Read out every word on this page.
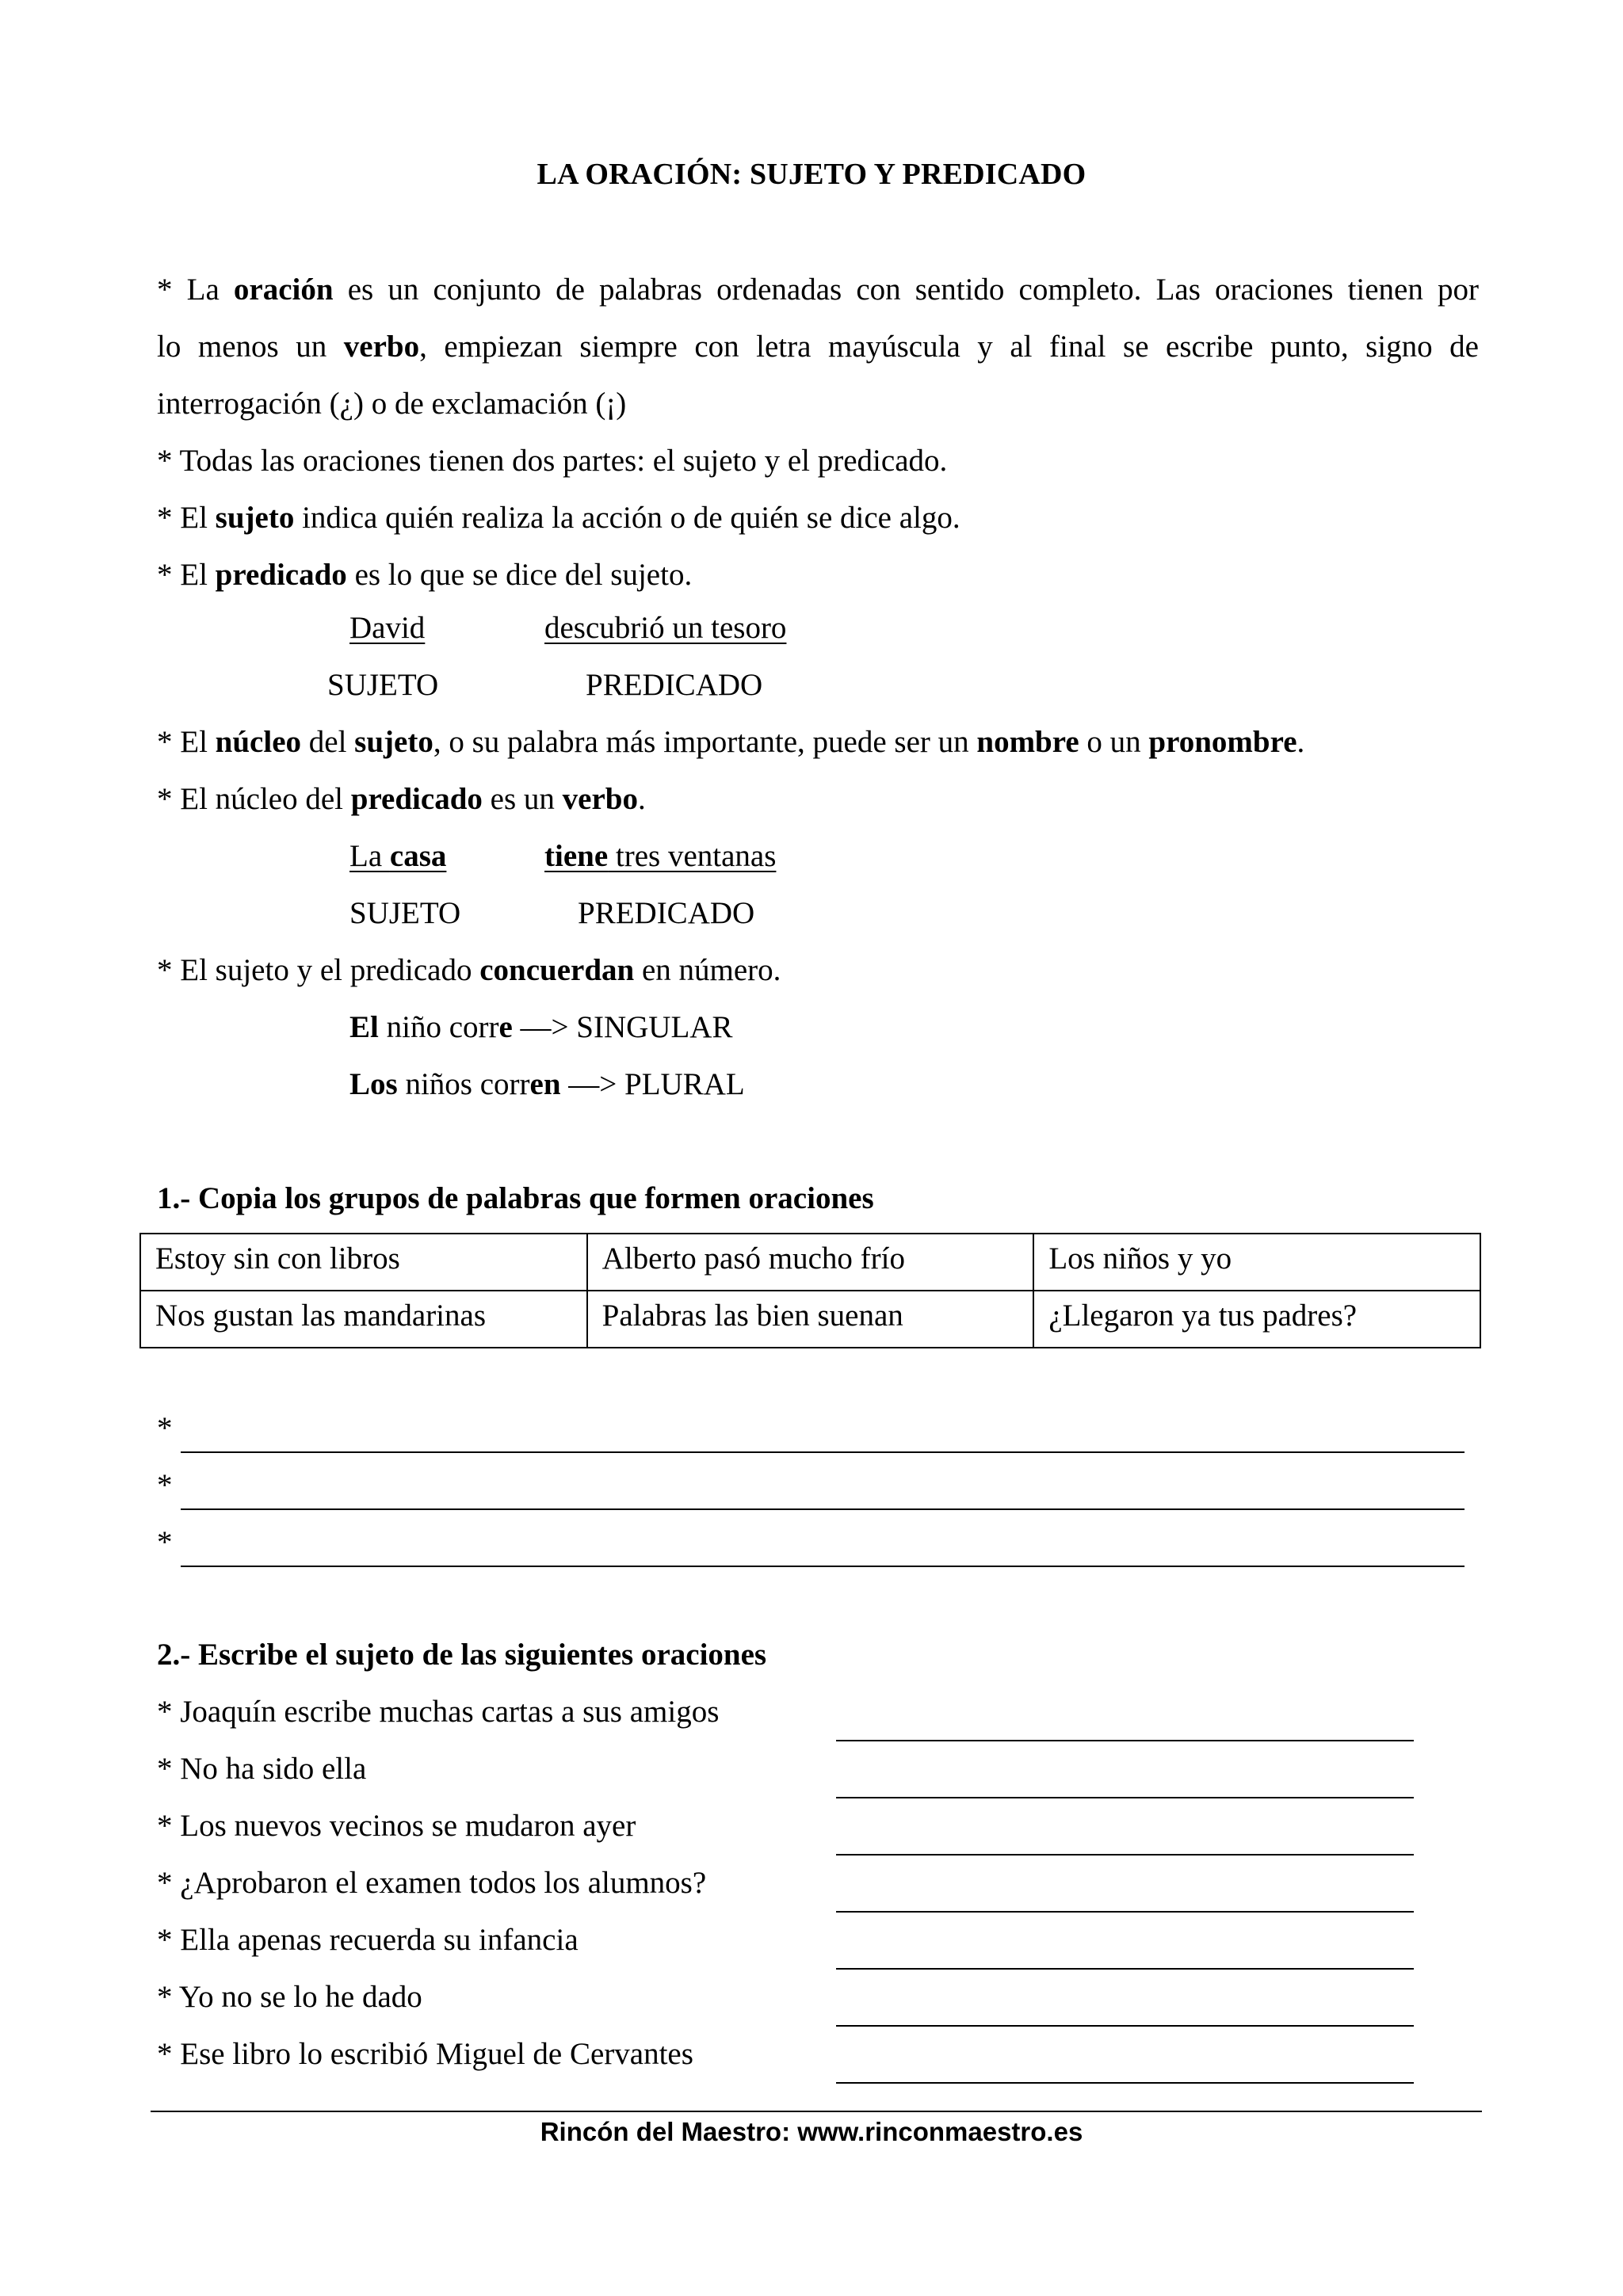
LA ORACIÓN: SUJETO Y PREDICADO
* La oración es un conjunto de palabras ordenadas con sentido completo. Las oraciones tienen por
lo menos un verbo, empiezan siempre con letra mayúscula y al final se escribe punto, signo de
interrogación (¿) o de exclamación (¡)
* Todas las oraciones tienen dos partes: el sujeto y el predicado.
* El sujeto indica quién realiza la acción o de quién se dice algo.
* El predicado es lo que se dice del sujeto.
David	descubrió un tesoro
SUJETO	PREDICADO
* El núcleo del sujeto, o su palabra más importante, puede ser un nombre o un pronombre.
* El núcleo del predicado es un verbo.
La casa	tiene tres ventanas
SUJETO	PREDICADO
* El sujeto y el predicado concuerdan en número.
El niño corre —> SINGULAR
Los niños corren —> PLURAL
1.- Copia los grupos de palabras que formen oraciones
Estoy sin con libros	Alberto pasó mucho frío	Los niños y yo
Nos gustan las mandarinas	Palabras las bien suenan	¿Llegaron ya tus padres?
*
*
*
2.- Escribe el sujeto de las siguientes oraciones
* Joaquín escribe muchas cartas a sus amigos
* No ha sido ella
* Los nuevos vecinos se mudaron ayer
* ¿Aprobaron el examen todos los alumnos?
* Ella apenas recuerda su infancia
* Yo no se lo he dado
* Ese libro lo escribió Miguel de Cervantes
Rincón del Maestro: www.rinconmaestro.es
